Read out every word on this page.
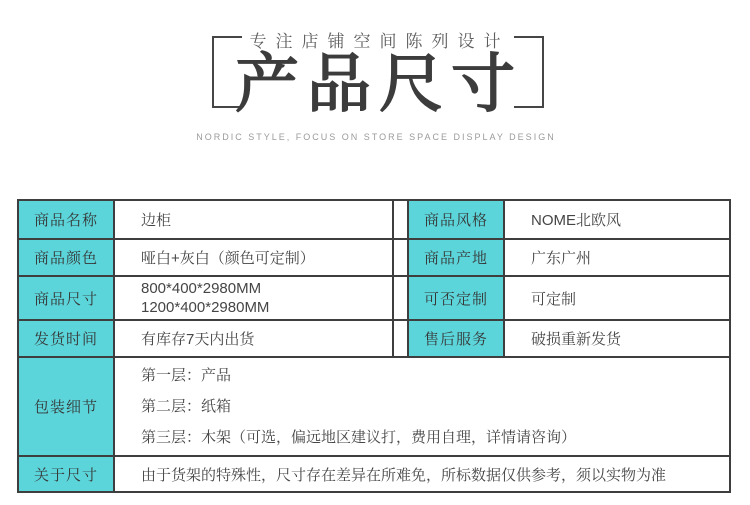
专注店铺空间陈列设计
产品尺寸
NORDIC STYLE, FOCUS ON STORE SPACE DISPLAY DESIGN
商品名称	边柜		商品风格	NOME北欧风
商品颜色	哑白+灰白（颜色可定制）		商品产地	广东广州
商品尺寸	800*400*2980MM
1200*400*2980MM		可否定制	可定制
发货时间	有库存7天内出货		售后服务	破损重新发货
包装细节	第一层：产品
第二层：纸箱
第三层：木架（可选，偏远地区建议打，费用自理，详情请咨询）			

关于尺寸	由于货架的特殊性，尺寸存在差异在所难免，所标数据仅供参考，须以实物为准			
